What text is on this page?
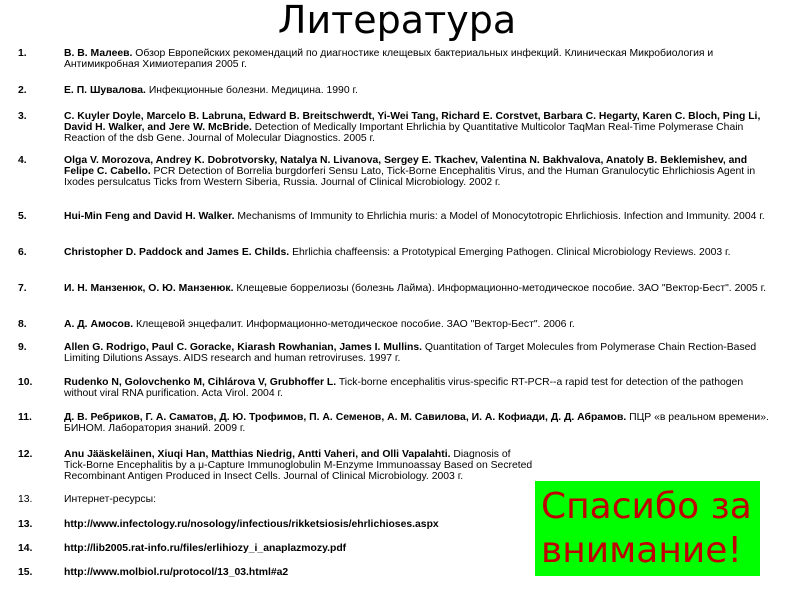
Литература
1.	В. В. Малеев. Обзор Европейских рекомендаций по диагностике клещевых бактериальных инфекций. Клиническая Микробиология и Антимикробная Химиотерапия 2005 г.
2.	Е. П. Шувалова. Инфекционные болезни. Медицина. 1990 г.
3.	C. Kuyler Doyle, Marcelo B. Labruna, Edward B. Breitschwerdt, Yi-Wei Tang, Richard E. Corstvet, Barbara C. Hegarty, Karen C. Bloch, Ping Li, David H. Walker, and Jere W. McBride. Detection of Medically Important Ehrlichia by Quantitative Multicolor TaqMan Real-Time Polymerase Chain Reaction of the dsb Gene. Journal of Molecular Diagnostics. 2005 г.
4.	Olga V. Morozova, Andrey K. Dobrotvorsky, Natalya N. Livanova, Sergey E. Tkachev, Valentina N. Bakhvalova, Anatoly B. Beklemishev, and Felipe C. Cabello. PCR Detection of Borrelia burgdorferi Sensu Lato, Tick-Borne Encephalitis Virus, and the Human Granulocytic Ehrlichiosis Agent in Ixodes persulcatus Ticks from Western Siberia, Russia. Journal of Clinical Microbiology. 2002 г.
5.	Hui-Min Feng and David H. Walker. Mechanisms of Immunity to Ehrlichia muris: a Model of Monocytotropic Ehrlichiosis. Infection and Immunity. 2004 г.
6.	Christopher D. Paddock and James E. Childs. Ehrlichia chaffeensis: a Prototypical Emerging Pathogen. Clinical Microbiology Reviews. 2003 г.
7.	И. Н. Манзенюк, О. Ю. Манзенюк. Клещевые боррелиозы (болезнь Лайма). Информационно-методическое пособие. ЗАО "Вектор-Бест". 2005 г.
8.	А. Д. Амосов. Клещевой энцефалит. Информационно-методическое пособие. ЗАО "Вектор-Бест". 2006 г.
9.	Allen G. Rodrigo, Paul C. Goracke, Kiarash Rowhanian, James I. Mullins. Quantitation of Target Molecules from Polymerase Chain Rection-Based Limiting Dilutions Assays. AIDS research and human retroviruses. 1997 г.
10.	Rudenko N, Golovchenko M, Cihlárova V, Grubhoffer L. Tick-borne encephalitis virus-specific RT-PCR--a rapid test for detection of the pathogen without viral RNA purification. Acta Virol. 2004 г.
11.	Д. В. Ребриков, Г. А. Саматов, Д. Ю. Трофимов, П. А. Семенов, А. М. Савилова, И. А. Кофиади, Д. Д. Абрамов. ПЦР «в реальном времени». БИНОМ. Лаборатория знаний. 2009 г.
12.	Anu Jääskeläinen, Xiuqi Han, Matthias Niedrig, Antti Vaheri, and Olli Vapalahti. Diagnosis of Tick-Borne Encephalitis by a μ-Capture Immunoglobulin M-Enzyme Immunoassay Based on Secreted Recombinant Antigen Produced in Insect Cells. Journal of Clinical Microbiology. 2003 г.
13.	Интернет-ресурсы:
13.	http://www.infectology.ru/nosology/infectious/rikketsiosis/ehrlichioses.aspx
14.	http://lib2005.rat-info.ru/files/erlihiozy_i_anaplazmozy.pdf
15.	http://www.molbiol.ru/protocol/13_03.html#a2
Спасибо за внимание!
